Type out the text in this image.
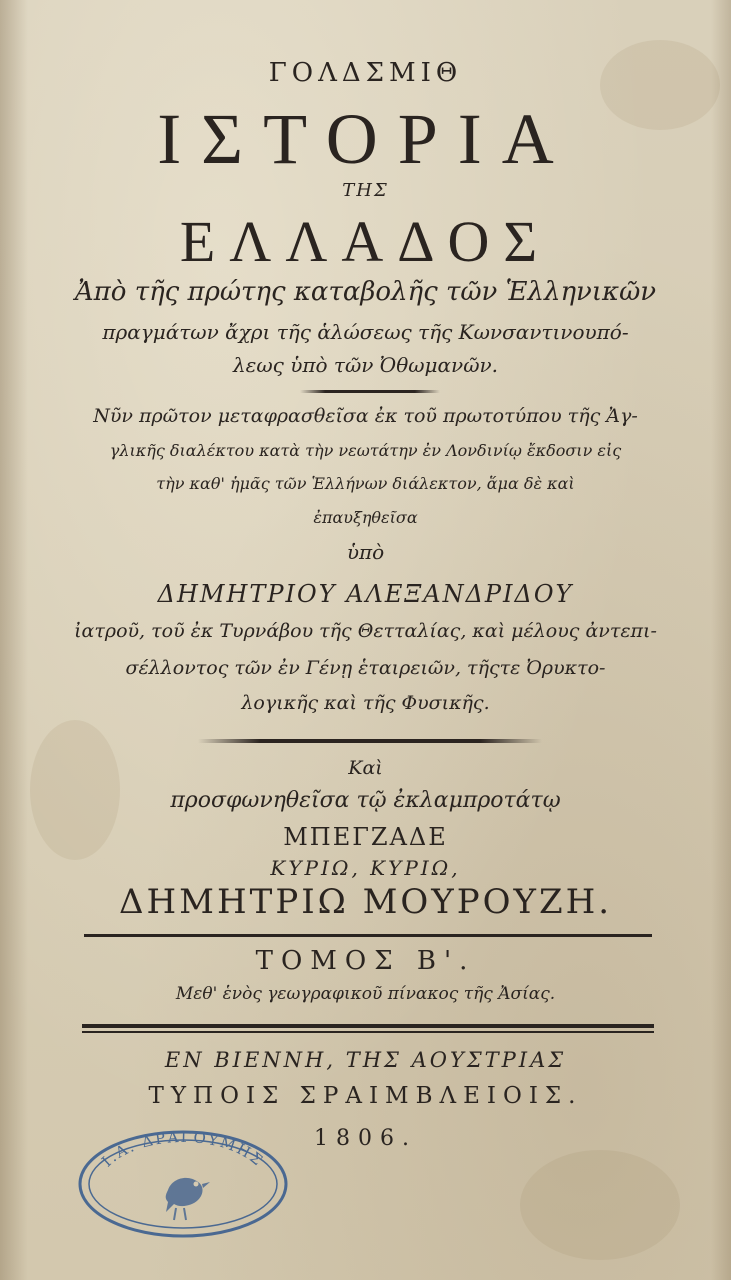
ΓΟΛΔΣΜΙΘ
ΙΣΤΟΡΙΑ
ΤΗΣ
ΕΛΛΑΔΟΣ
Ἀπὸ τῆς πρώτης καταβολῆς τῶν Ἑλληνικῶν
πραγμάτων ἄχρι τῆς ἁλώσεως τῆς Κωνσαντινουπό-
λεως ὑπὸ τῶν Ὀθωμανῶν.
Νῦν πρῶτον μεταφρασθεῖσα ἐκ τοῦ πρωτοτύπου τῆς Ἀγ-
γλικῆς διαλέκτου κατὰ τὴν νεωτάτην ἐν Λονδινίῳ ἔκδοσιν εἰς
τὴν καθ' ἡμᾶς τῶν Ἑλλήνων διάλεκτον, ἅμα δὲ καὶ
ἐπαυξηθεῖσα
ὑπὸ
ΔΗΜΗΤΡΙΟΥ ΑΛΕΞΑΝΔΡΙΔΟΥ
ἰατροῦ, τοῦ ἐκ Τυρνάβου τῆς Θετταλίας, καὶ μέλους ἀντεπι-
σέλλοντος τῶν ἐν Γένῃ ἑταιρειῶν, τῆςτε Ὀρυκτο-
λογικῆς καὶ τῆς Φυσικῆς.
Καὶ
προσφωνηθεῖσα τῷ ἐκλαμπροτάτῳ
ΜΠΕΓΖΑΔΕ
ΚΥΡΙΩ, ΚΥΡΙΩ,
ΔΗΜΗΤΡΙΩ ΜΟΥΡΟΥΖΗ.
ΤΟΜΟΣ Β'.
Μεθ' ἑνὸς γεωγραφικοῦ πίνακος τῆς Ἀσίας.
ΕΝ ΒΙΕΝΝΗ, ΤΗΣ ΑΟΥΣΤΡΙΑΣ
ΤΥΠΟΙΣ ΣΡΑΙΜΒΛΕΙΟΙΣ.
1806.
Ι.Α. ΔΡΑΓΟΥΜΗΣ
